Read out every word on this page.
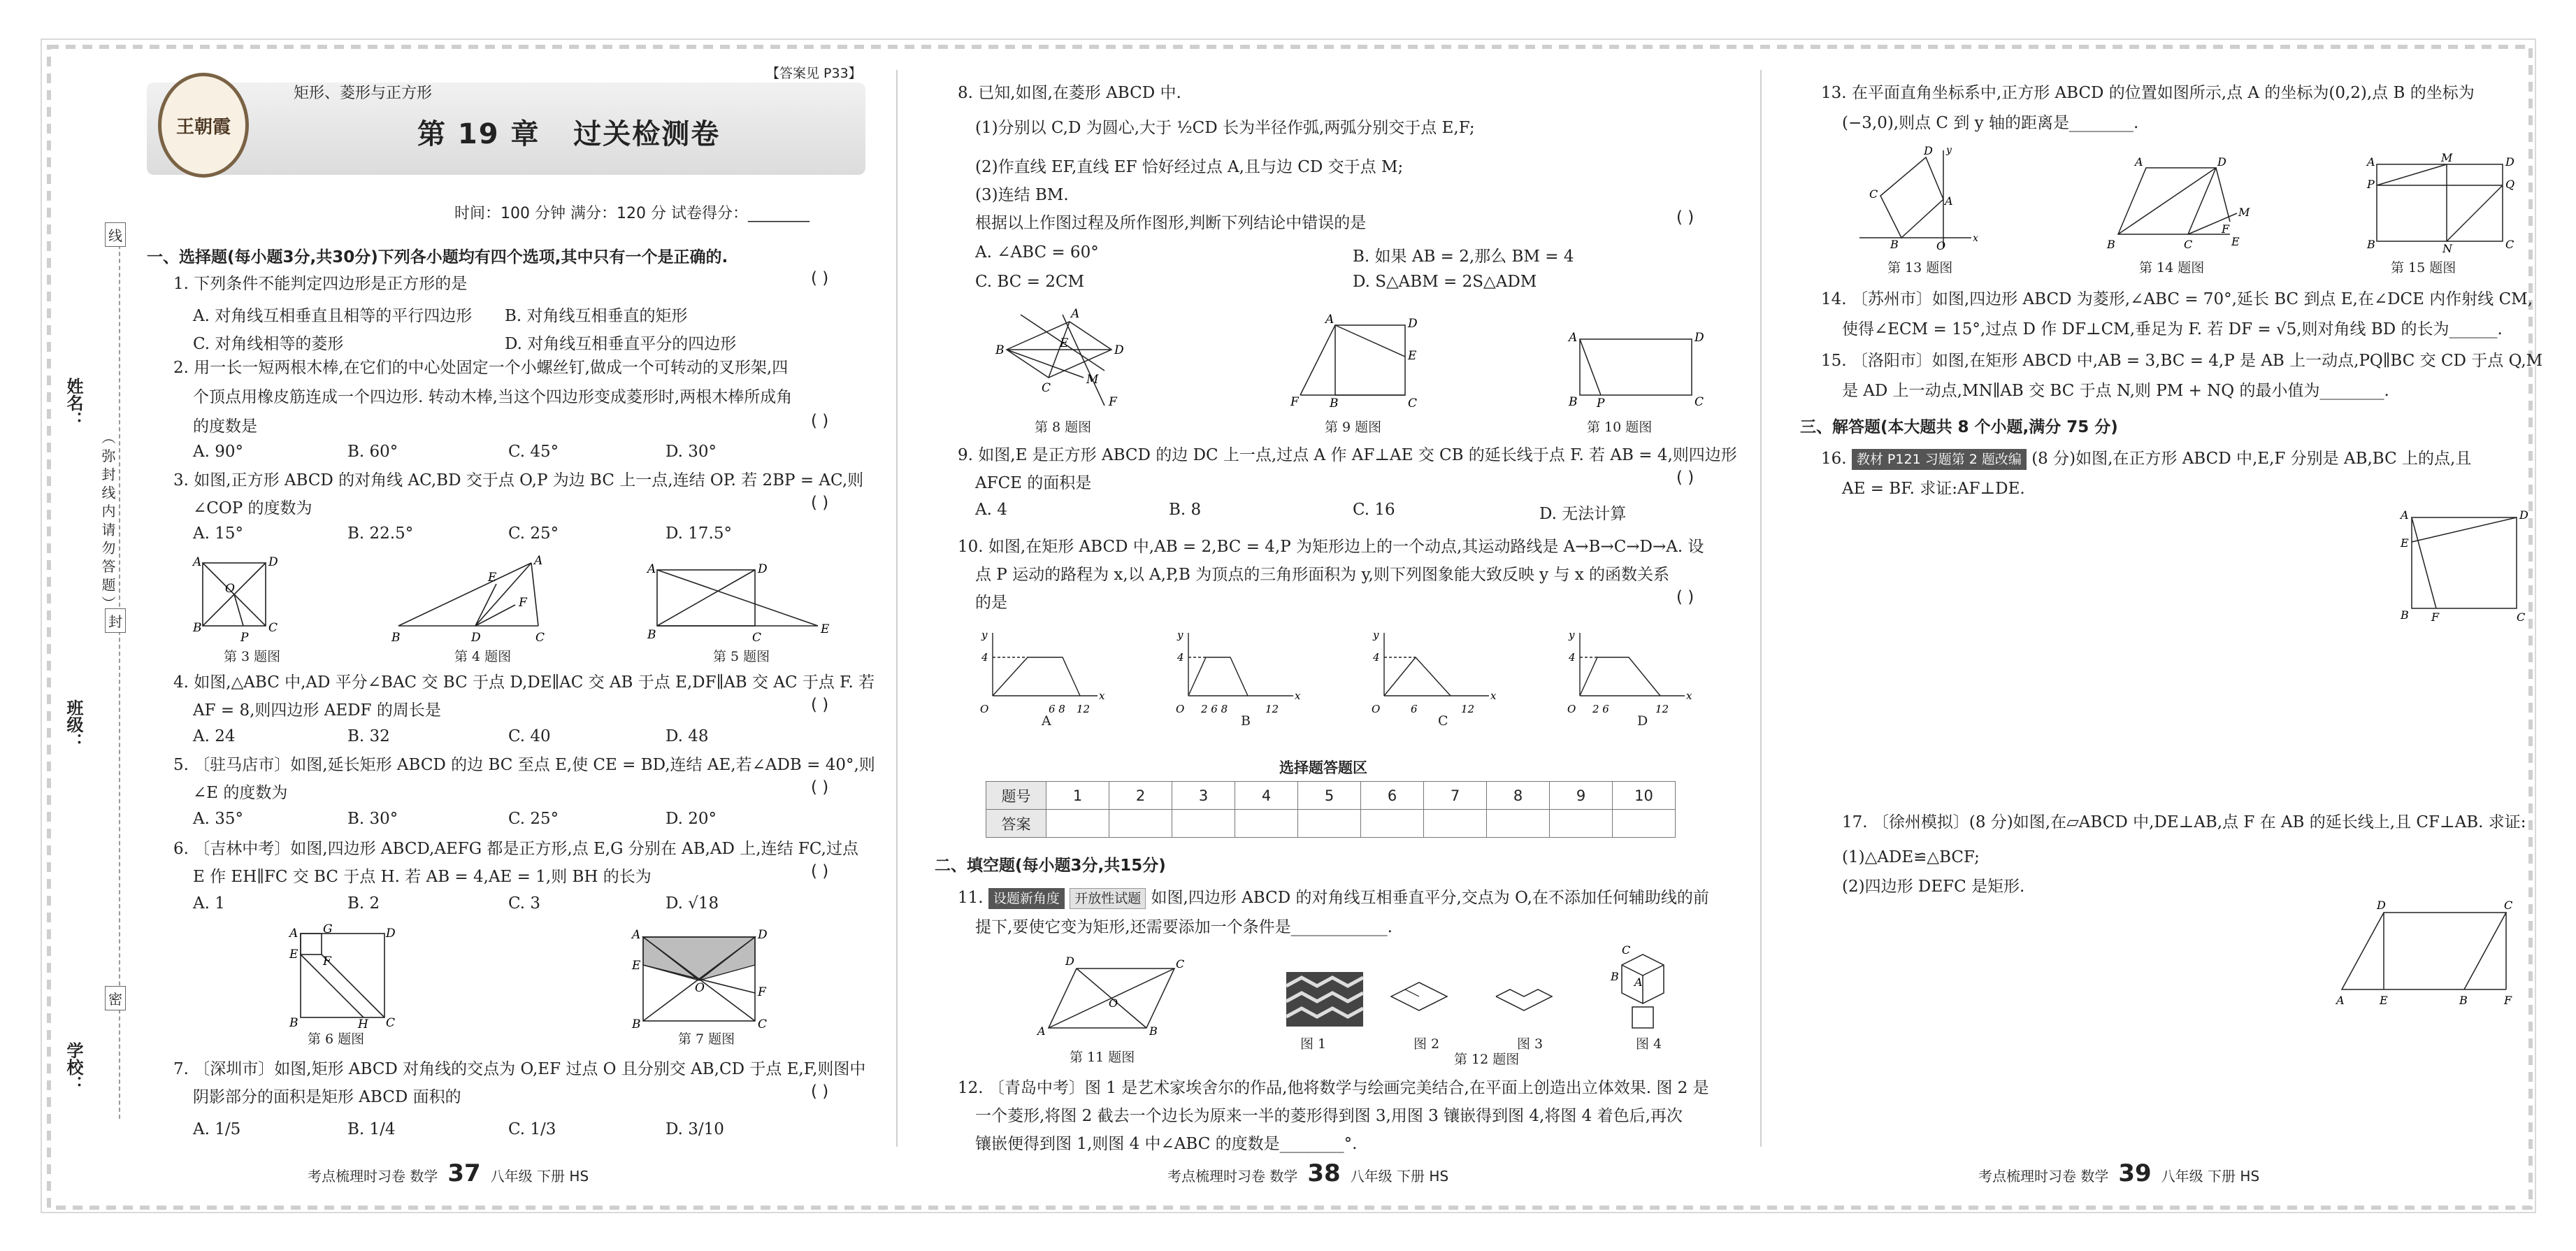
线
封
密
姓名：
（ 弥 封 线 内 请 勿 答 题 ）
班级：
学校：
王朝霞
矩形、菱形与正方形
第 19 章 过关检测卷
【答案见 P33】
时间：100 分钟 满分：120 分 试卷得分：________
一、选择题(每小题3分,共30分)下列各小题均有四个选项,其中只有一个是正确的.
1. 下列条件不能判定四边形是正方形的是	( )
A. 对角线互相垂直且相等的平行四边形 B. 对角线互相垂直的矩形
C. 对角线相等的菱形	D. 对角线互相垂直平分的四边形
2. 用一长一短两根木棒,在它们的中心处固定一个小螺丝钉,做成一个可转动的叉形架,四
个顶点用橡皮筋连成一个四边形. 转动木棒,当这个四边形变成菱形时,两根木棒所成角
的度数是	( )
A. 90°	B. 60°	C. 45°	D. 30°
3. 如图,正方形 ABCD 的对角线 AC,BD 交于点 O,P 为边 BC 上一点,连结 OP. 若 2BP = AC,则
∠COP 的度数为	( )
A. 15°	B. 22.5°	C. 25°	D. 17.5°
A	D
B	C
O
P	B	D	C
A
E
F
A	D
B	C
E
第 3 题图	第 4 题图	第 5 题图
4. 如图,△ABC 中,AD 平分∠BAC 交 BC 于点 D,DE∥AC 交 AB 于点 E,DF∥AB 交 AC 于点 F. 若
AF = 8,则四边形 AEDF 的周长是	( )
A. 24	B. 32	C. 40	D. 48
5. 〔驻马店市〕如图,延长矩形 ABCD 的边 BC 至点 E,使 CE = BD,连结 AE,若∠ADB = 40°,则
∠E 的度数为	( )
A. 35°	B. 30°	C. 25°	D. 20°
6. 〔吉林中考〕如图,四边形 ABCD,AEFG 都是正方形,点 E,G 分别在 AB,AD 上,连结 FC,过点
E 作 EH∥FC 交 BC 于点 H. 若 AB = 4,AE = 1,则 BH 的长为	( )
A. 1	B. 2	C. 3	D. √18
A G	D
E F
B	H C
A	D
E
F
O
B	C
第 6 题图	第 7 题图
7. 〔深圳市〕如图,矩形 ABCD 对角线的交点为 O,EF 过点 O 且分别交 AB,CD 于点 E,F,则图中
阴影部分的面积是矩形 ABCD 面积的	( )
A. 1/5	B. 1/4	C. 1/3	D. 3/10
考点梳理时习卷 数学 37 八年级 下册 HS
8. 已知,如图,在菱形 ABCD 中.
(1)分别以 C,D 为圆心,大于 ½CD 长为半径作弧,两弧分别交于点 E,F;
(2)作直线 EF,直线 EF 恰好经过点 A,且与边 CD 交于点 M;
(3)连结 BM.
根据以上作图过程及所作图形,判断下列结论中错误的是	( )
A. ∠ABC = 60°	B. 如果 AB = 2,那么 BM = 4
C. BC = 2CM	D. S△ABM = 2S△ADM
B
A
D
E
C
M
F
A	D
E
F	B	C
A	D
B P	C
第 8 题图	第 9 题图	第 10 题图
9. 如图,E 是正方形 ABCD 的边 DC 上一点,过点 A 作 AF⊥AE 交 CB 的延长线于点 F. 若 AB = 4,则四边形
AFCE 的面积是	( )
A. 4	B. 8	C. 16	D. 无法计算
10. 如图,在矩形 ABCD 中,AB = 2,BC = 4,P 为矩形边上的一个动点,其运动路线是 A→B→C→D→A. 设
点 P 运动的路程为 x,以 A,P,B 为顶点的三角形面积为 y,则下列图象能大致反映 y 与 x 的函数关系
的是	( )
y
x
4
O	6 8 12
y
x
4
O 2 6 8	12
y
x
4
O	6	12
y
x
4
O 2 6	12
A	B	C	D
选择题答题区
题号	1	2	3	4	5	6	7	8	9	10
答案										
二、填空题(每小题3分,共15分)
11. 设题新角度 开放性试题 如图,四边形 ABCD 的对角线互相垂直平分,交点为 O,在不添加任何辅助线的前
提下,要使它变为矩形,还需要添加一个条件是____________.
D	C
A	B
O
C
B A
第 11 题图
图 1	图 2	图 3	图 4
第 12 题图
12. 〔青岛中考〕图 1 是艺术家埃舍尔的作品,他将数学与绘画完美结合,在平面上创造出立体效果. 图 2 是
一个菱形,将图 2 截去一个边长为原来一半的菱形得到图 3,用图 3 镶嵌得到图 4,将图 4 着色后,再次
镶嵌便得到图 1,则图 4 中∠ABC 的度数是________°.
考点梳理时习卷 数学 38 八年级 下册 HS
13. 在平面直角坐标系中,正方形 ABCD 的位置如图所示,点 A 的坐标为(0,2),点 B 的坐标为
(−3,0),则点 C 到 y 轴的距离是________.
B	O
A
D
C
y
x
A	D
B	C	E
M
F
A	M	D
P	Q
B	N	C
第 13 题图	第 14 题图	第 15 题图
14. 〔苏州市〕如图,四边形 ABCD 为菱形,∠ABC = 70°,延长 BC 到点 E,在∠DCE 内作射线 CM,
使得∠ECM = 15°,过点 D 作 DF⊥CM,垂足为 F. 若 DF = √5,则对角线 BD 的长为______.
15. 〔洛阳市〕如图,在矩形 ABCD 中,AB = 3,BC = 4,P 是 AB 上一动点,PQ∥BC 交 CD 于点 Q,M
是 AD 上一动点,MN∥AB 交 BC 于点 N,则 PM + NQ 的最小值为________.
三、解答题(本大题共 8 个小题,满分 75 分)
16. 教材 P121 习题第 2 题改编 (8 分)如图,在正方形 ABCD 中,E,F 分别是 AB,BC 上的点,且
AE = BF. 求证:AF⊥DE.
A	D
E
B F	C
17. 〔徐州模拟〕(8 分)如图,在▱ABCD 中,DE⊥AB,点 F 在 AB 的延长线上,且 CF⊥AB. 求证:
(1)△ADE≌△BCF;
(2)四边形 DEFC 是矩形.
D	C
A	E	B	F
考点梳理时习卷 数学 39 八年级 下册 HS
